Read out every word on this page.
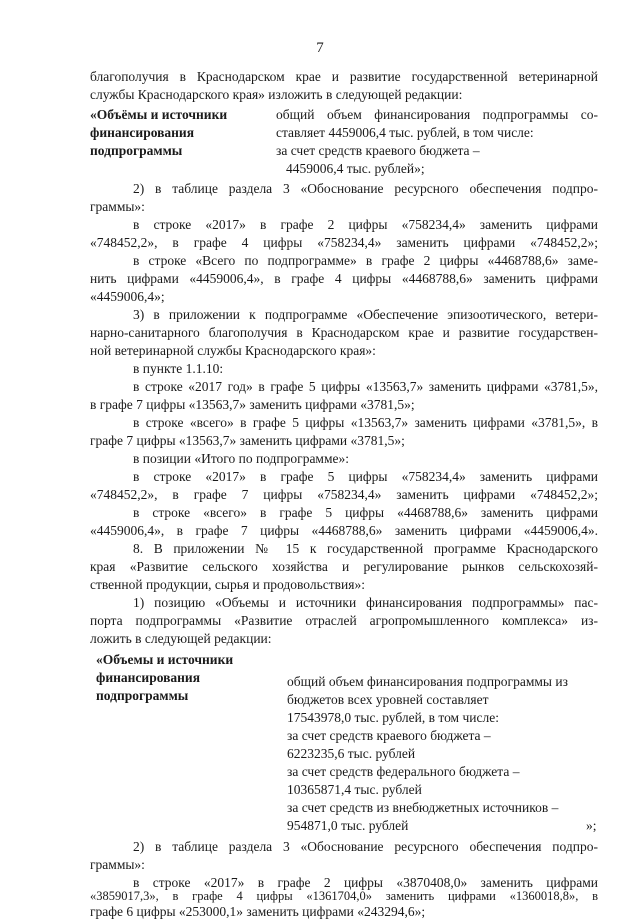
7
благополучия в Краснодарском крае и развитие государственной ветеринарной
службы Краснодарского края» изложить в следующей редакции:
«Объёмы и источники
финансирования
подпрограммы
общий объем финансирования подпрограммы со-
ставляет 4459006,4 тыс. рублей, в том числе:
за счет средств краевого бюджета –
4459006,4 тыс. рублей»;
2) в таблице раздела 3 «Обоснование ресурсного обеспечения подпро-
граммы»:
в строке «2017» в графе 2 цифры «758234,4» заменить цифрами
«748452,2», в графе 4 цифры «758234,4» заменить цифрами «748452,2»;
в строке «Всего по подпрограмме» в графе 2 цифры «4468788,6» заме-
нить цифрами «4459006,4», в графе 4 цифры «4468788,6» заменить цифрами
«4459006,4»;
3) в приложении к подпрограмме «Обеспечение эпизоотического, ветери-
нарно-санитарного благополучия в Краснодарском крае и развитие государствен-
ной ветеринарной службы Краснодарского края»:
в пункте 1.1.10:
в строке «2017 год» в графе 5 цифры «13563,7» заменить цифрами «3781,5»,
в графе 7 цифры «13563,7» заменить цифрами «3781,5»;
в строке «всего» в графе 5 цифры «13563,7» заменить цифрами «3781,5», в
графе 7 цифры «13563,7» заменить цифрами «3781,5»;
в позиции «Итого по подпрограмме»:
в строке «2017» в графе 5 цифры «758234,4» заменить цифрами
«748452,2», в графе 7 цифры «758234,4» заменить цифрами «748452,2»;
в строке «всего» в графе 5 цифры «4468788,6» заменить цифрами
«4459006,4», в графе 7 цифры «4468788,6» заменить цифрами «4459006,4».
8. В приложении № 15 к государственной программе Краснодарского
края «Развитие сельского хозяйства и регулирование рынков сельскохозяй-
ственной продукции, сырья и продовольствия»:
1) позицию «Объемы и источники финансирования подпрограммы» пас-
порта подпрограммы «Развитие отраслей агропромышленного комплекса» из-
ложить в следующей редакции:
«Объемы и источники
финансирования
подпрограммы
общий объем финансирования подпрограммы из
бюджетов всех уровней составляет
17543978,0 тыс. рублей, в том числе:
за счет средств краевого бюджета –
6223235,6 тыс. рублей
за счет средств федерального бюджета –
10365871,4 тыс. рублей
за счет средств из внебюджетных источников –
954871,0 тыс. рублей	»;
2) в таблице раздела 3 «Обоснование ресурсного обеспечения подпро-
граммы»:
в строке «2017» в графе 2 цифры «3870408,0» заменить цифрами
«3859017,3», в графе 4 цифры «1361704,0» заменить цифрами «1360018,8», в
графе 6 цифры «253000,1» заменить цифрами «243294,6»;
